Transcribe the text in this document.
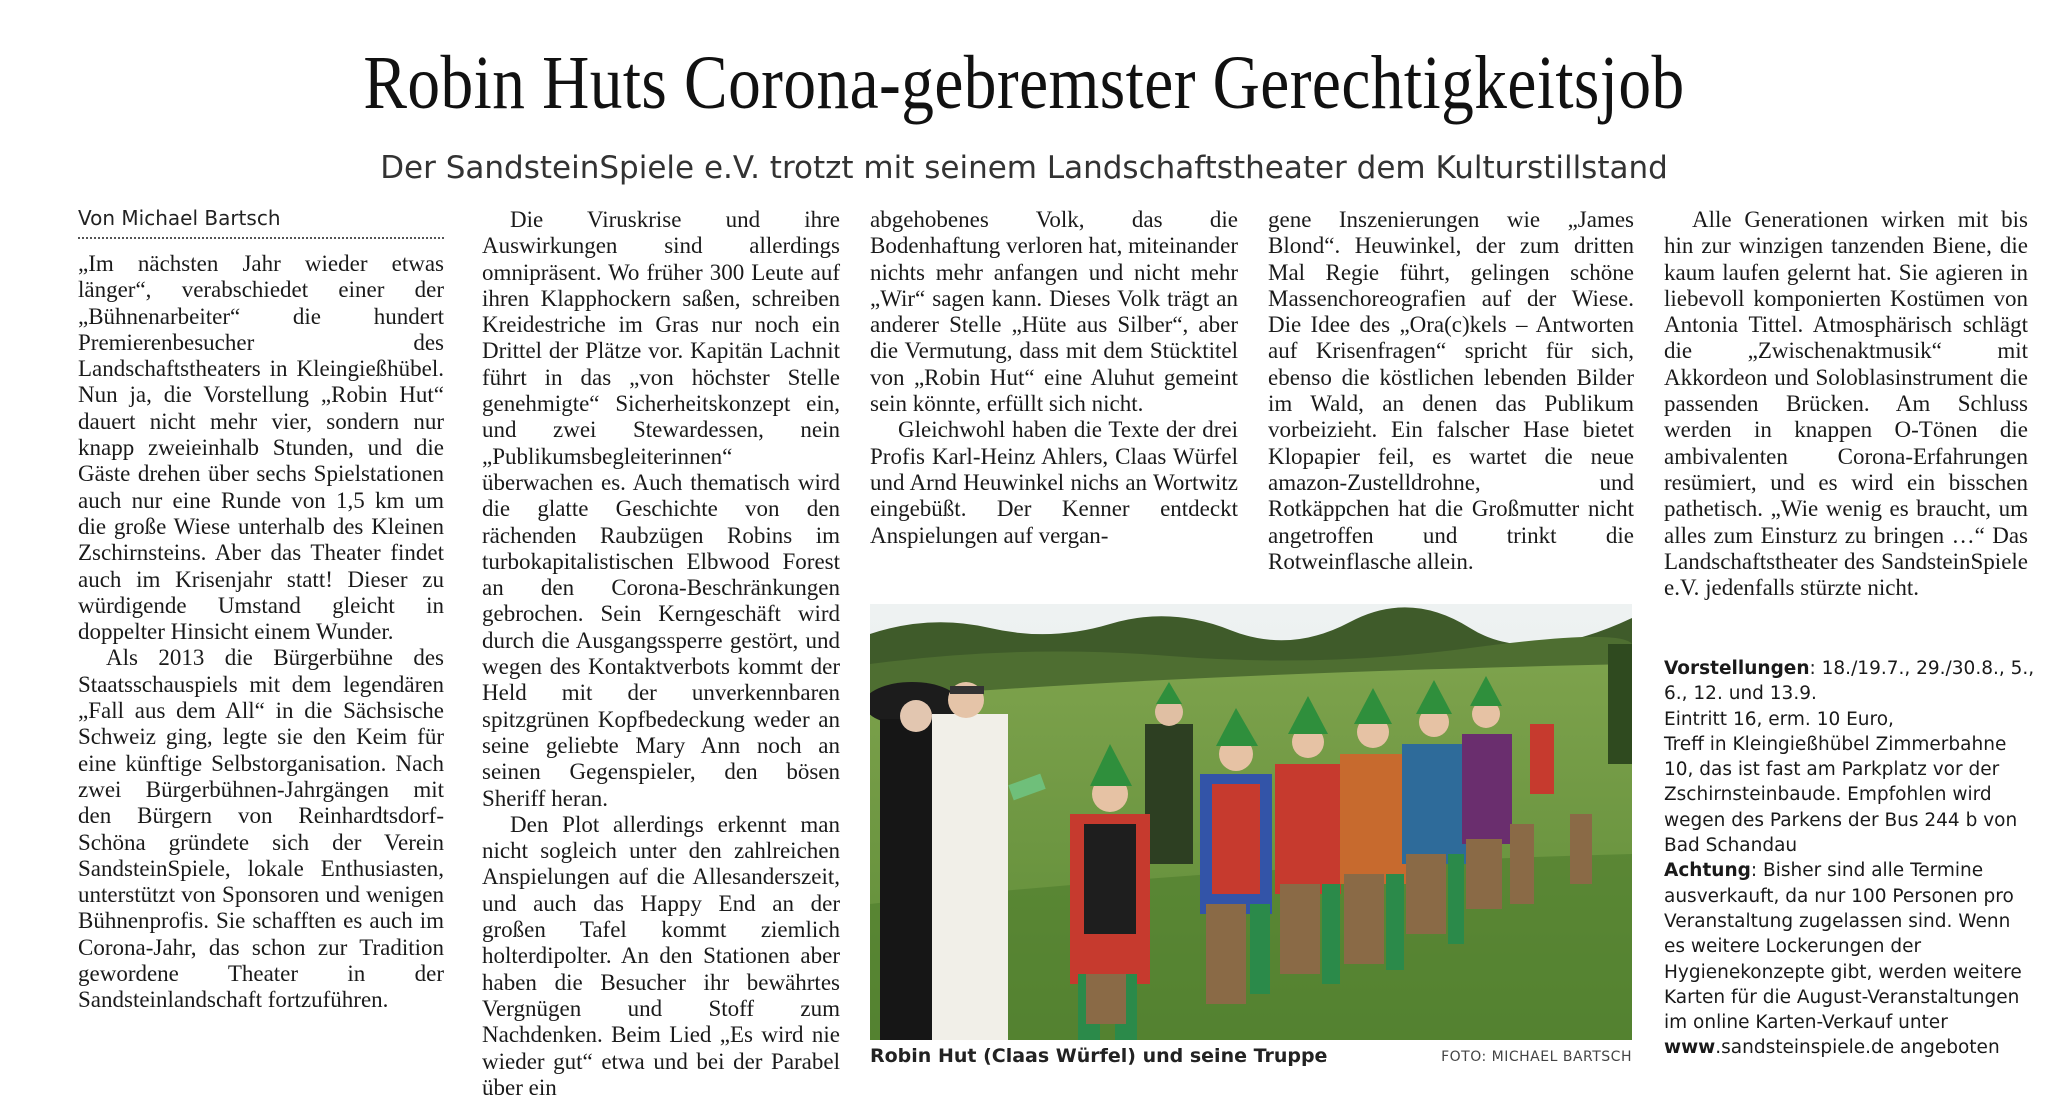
Robin Huts Corona-gebremster Gerechtigkeitsjob
Der SandsteinSpiele e.V. trotzt mit seinem Landschaftstheater dem Kulturstillstand
Von Michael Bartsch

„Im nächsten Jahr wieder etwas länger“, verabschiedet einer der „Bühnenarbeiter“ die hundert Premierenbesucher des Landschaftstheaters in Kleingießhübel. Nun ja, die Vorstellung „Robin Hut“ dauert nicht mehr vier, sondern nur knapp zweieinhalb Stunden, und die Gäste drehen über sechs Spielstationen auch nur eine Runde von 1,5 km um die große Wiese unterhalb des Kleinen Zschirnsteins. Aber das Theater findet auch im Krisenjahr statt! Dieser zu würdigende Umstand gleicht in doppelter Hinsicht einem Wunder.

Als 2013 die Bürgerbühne des Staatsschauspiels mit dem legendären „Fall aus dem All“ in die Sächsische Schweiz ging, legte sie den Keim für eine künftige Selbstorganisation. Nach zwei Bürgerbühnen-Jahrgängen mit den Bürgern von Reinhardtsdorf-Schöna gründete sich der Verein SandsteinSpiele, lokale Enthusiasten, unterstützt von Sponsoren und wenigen Bühnenprofis. Sie schafften es auch im Corona-Jahr, das schon zur Tradition gewordene Theater in der Sandsteinlandschaft fortzuführen.

Die Viruskrise und ihre Auswirkungen sind allerdings omnipräsent. Wo früher 300 Leute auf ihren Klapphockern saßen, schreiben Kreidestriche im Gras nur noch ein Drittel der Plätze vor. Kapitän Lachnit führt in das „von höchster Stelle genehmigte“ Sicherheitskonzept ein, und zwei Stewardessen, nein „Publikumsbegleiterinnen“ überwachen es. Auch thematisch wird die glatte Geschichte von den rächenden Raubzügen Robins im turbokapitalistischen Elbwood Forest an den Corona-Beschränkungen gebrochen. Sein Kerngeschäft wird durch die Ausgangssperre gestört, und wegen des Kontaktverbots kommt der Held mit der unverkennbaren spitzgrünen Kopfbedeckung weder an seine geliebte Mary Ann noch an seinen Gegenspieler, den bösen Sheriff heran.

Den Plot allerdings erkennt man nicht sogleich unter den zahlreichen Anspielungen auf die Allesanderszeit, und auch das Happy End an der großen Tafel kommt ziemlich holterdipolter. An den Stationen aber haben die Besucher ihr bewährtes Vergnügen und Stoff zum Nachdenken. Beim Lied „Es wird nie wieder gut“ etwa und bei der Parabel über ein

abgehobenes Volk, das die Bodenhaftung verloren hat, miteinander nichts mehr anfangen und nicht mehr „Wir“ sagen kann. Dieses Volk trägt an anderer Stelle „Hüte aus Silber“, aber die Vermutung, dass mit dem Stücktitel von „Robin Hut“ eine Aluhut gemeint sein könnte, erfüllt sich nicht.

Gleichwohl haben die Texte der drei Profis Karl-Heinz Ahlers, Claas Würfel und Arnd Heuwinkel nichs an Wortwitz eingebüßt. Der Kenner entdeckt Anspielungen auf vergan-

gene Inszenierungen wie „James Blond“. Heuwinkel, der zum dritten Mal Regie führt, gelingen schöne Massenchoreografien auf der Wiese. Die Idee des „Ora(c)kels – Antworten auf Krisenfragen“ spricht für sich, ebenso die köstlichen lebenden Bilder im Wald, an denen das Publikum vorbeizieht. Ein falscher Hase bietet Klopapier feil, es wartet die neue amazon-Zustelldrohne, und Rotkäppchen hat die Großmutter nicht angetroffen und trinkt die Rotweinflasche allein.

Alle Generationen wirken mit bis hin zur winzigen tanzenden Biene, die kaum laufen gelernt hat. Sie agieren in liebevoll komponierten Kostümen von Antonia Tittel. Atmosphärisch schlägt die „Zwischenaktmusik“ mit Akkordeon und Soloblasinstrument die passenden Brücken. Am Schluss werden in knappen O-Tönen die ambivalenten Corona-Erfahrungen resümiert, und es wird ein bisschen pathetisch. „Wie wenig es braucht, um alles zum Einsturz zu bringen …“ Das Landschaftstheater des SandsteinSpiele e.V. jedenfalls stürzte nicht.

Robin Hut (Claas Würfel) und seine Truppe	FOTO: MICHAEL BARTSCH

Vorstellungen: 18./19.7., 29./30.8., 5., 6., 12. und 13.9.

Eintritt 16, erm. 10 Euro,

Treff in Kleingießhübel Zimmerbahne 10, das ist fast am Parkplatz vor der Zschirnsteinbaude. Empfohlen wird wegen des Parkens der Bus 244 b von Bad Schandau

Achtung: Bisher sind alle Termine ausverkauft, da nur 100 Personen pro Veranstaltung zugelassen sind. Wenn es weitere Lockerungen der Hygienekonzepte gibt, werden weitere Karten für die August-Veranstaltungen im online Karten-Verkauf unter

www.sandsteinspiele.de angeboten
